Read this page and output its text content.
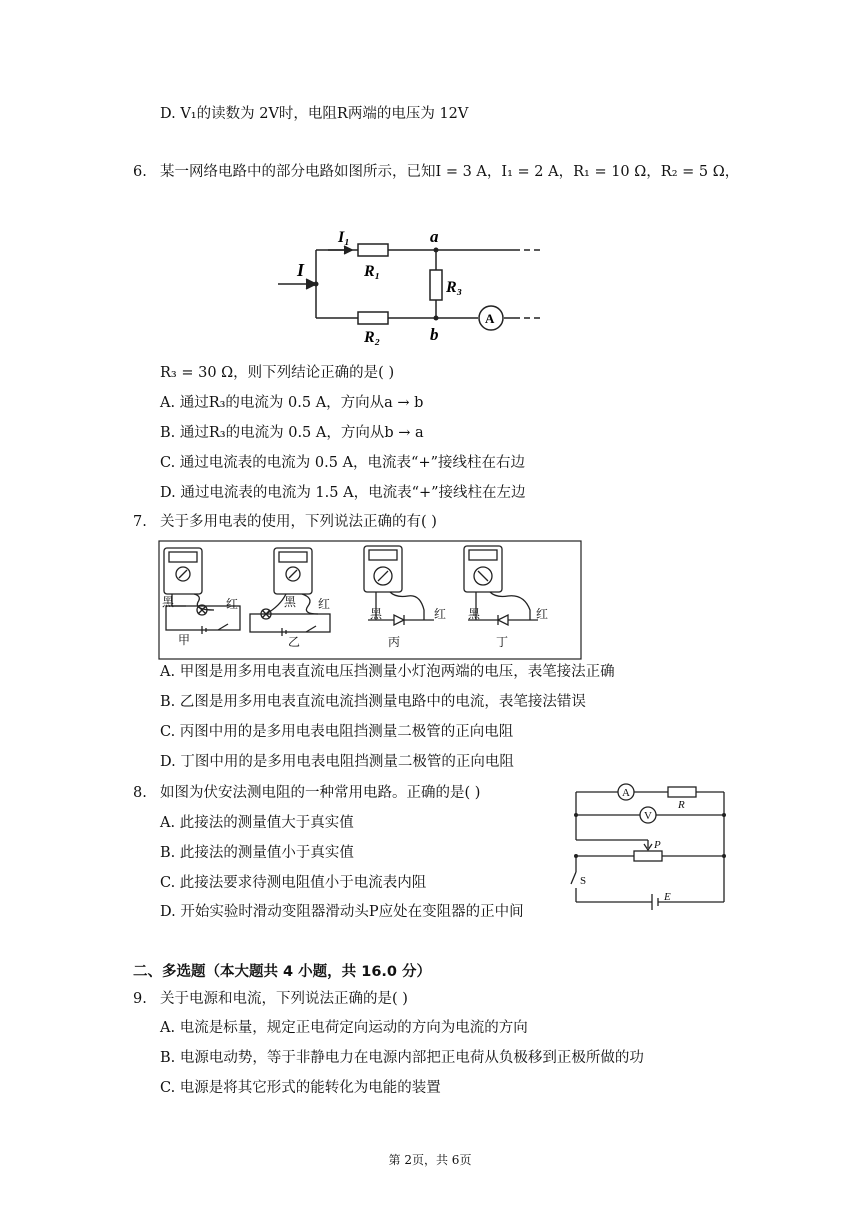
D. V₁的读数为 2V时，电阻R两端的电压为 12V
6. 某一网络电路中的部分电路如图所示，已知I = 3 A，I₁ = 2 A，R₁ = 10 Ω，R₂ = 5 Ω，
I
I₁
R₁
R₂
R₃
a
b
A
R₃ = 30 Ω，则下列结论正确的是( )
A. 通过R₃的电流为 0.5 A，方向从a → b
B. 通过R₃的电流为 0.5 A，方向从b → a
C. 通过电流表的电流为 0.5 A，电流表“+”接线柱在右边
D. 通过电流表的电流为 1.5 A，电流表“+”接线柱在左边
7. 关于多用电表的使用，下列说法正确的有( )
黑	红
甲
黑 红
乙
黑	红
丙
黑	红
丁
A. 甲图是用多用电表直流电压挡测量小灯泡两端的电压，表笔接法正确
B. 乙图是用多用电表直流电流挡测量电路中的电流，表笔接法错误
C. 丙图中用的是多用电表电阻挡测量二极管的正向电阻
D. 丁图中用的是多用电表电阻挡测量二极管的正向电阻
8. 如图为伏安法测电阻的一种常用电路。正确的是( )
A. 此接法的测量值大于真实值
B. 此接法的测量值小于真实值
C. 此接法要求待测电阻值小于电流表内阻
D. 开始实验时滑动变阻器滑动头P应处在变阻器的正中间
A
V
R
P
S
E
二、多选题（本大题共 4 小题，共 16.0 分）
9. 关于电源和电流，下列说法正确的是( )
A. 电流是标量，规定正电荷定向运动的方向为电流的方向
B. 电源电动势，等于非静电力在电源内部把正电荷从负极移到正极所做的功
C. 电源是将其它形式的能转化为电能的装置
第 2页，共 6页
